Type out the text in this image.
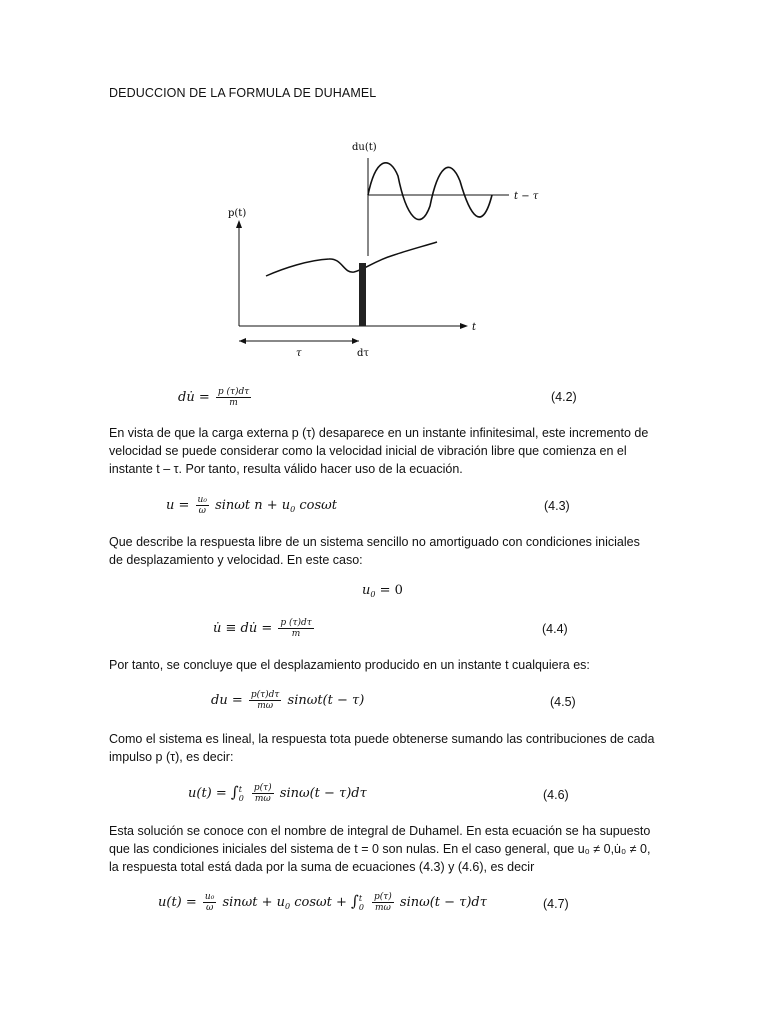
DEDUCCION DE LA FORMULA DE DUHAMEL
du(t)
t − τ
p(t)
t
τ	dτ
du̇ = $\frac{p (\tau)d\tau}{m}$	(4.2)
En vista de que la carga externa p (τ) desaparece en un instante infinitesimal, este incremento de velocidad se puede considerar como la velocidad inicial de vibración libre que comienza en el instante t – τ. Por tanto, resulta válido hacer uso de la ecuación.
$u = \frac{\text{u₀}}{\omega}$ sinωt $n + u_0$ cosωt	(4.3)
Que describe la respuesta libre de un sistema sencillo no amortiguado con condiciones iniciales de desplazamiento y velocidad. En este caso:
$u_0 = 0$
u̇ ≡ du̇ = $\frac{p (\tau)d\tau}{m}$	(4.4)
Por tanto, se concluye que el desplazamiento producido en un instante t cualquiera es:
du = $\frac{p(\tau)d\tau}{m\omega} \sin\omega t(t - \tau)$	(4.5)
Como el sistema es lineal, la respuesta tota puede obtenerse sumando las contribuciones de cada impulso p (τ), es decir:
u(t) = ∫ t
0
$\frac{p(\tau)}{m\omega} \sin\omega(t - \tau)d\tau$	(4.6)
Esta solución se conoce con el nombre de integral de Duhamel. En esta ecuación se ha supuesto que las condiciones iniciales del sistema de t = 0 son nulas. En el caso general, que u₀ ≠ 0,u̇₀ ≠ 0, la respuesta total está dada por la suma de ecuaciones (4.3) y (4.6), es decir
$u(t) = \frac{\text{u₀}}{\omega}$ $\sin\omega t + u_0$ cosωt + ∫ t
0
$\frac{p(\tau)}{m\omega} \sin\omega(t - \tau)d\tau$	(4.7)
